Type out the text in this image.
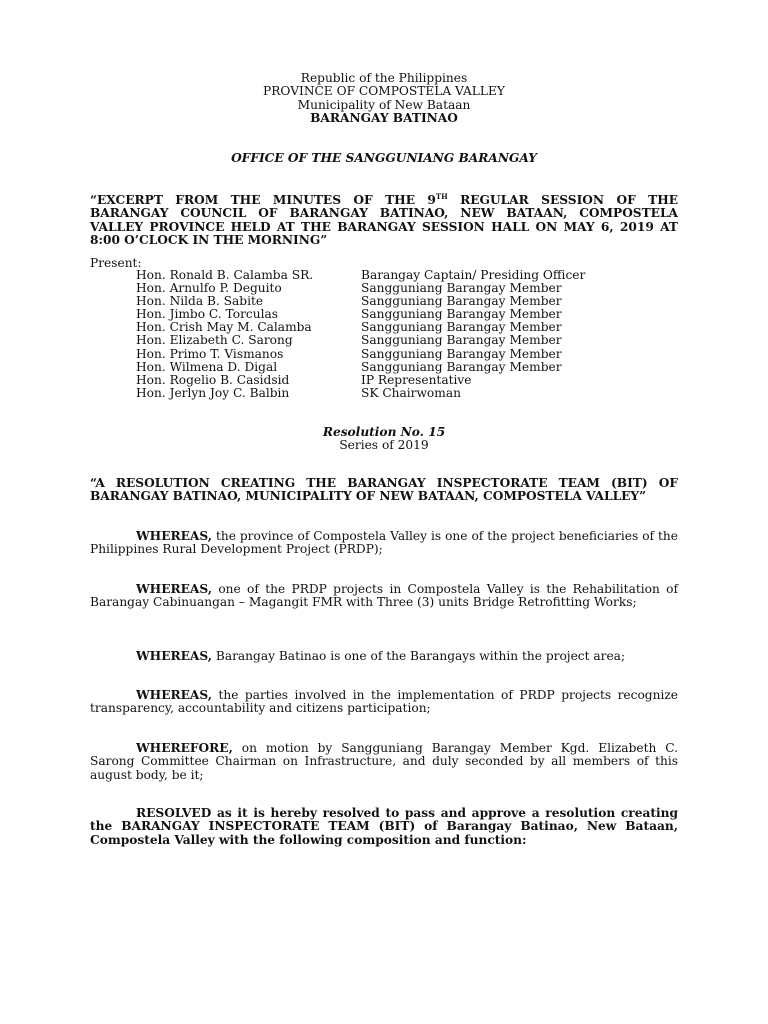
Republic of the Philippines
PROVINCE OF COMPOSTELA VALLEY
Municipality of New Bataan
BARANGAY BATINAO
OFFICE OF THE SANGGUNIANG BARANGAY
“EXCERPT FROM THE MINUTES OF THE 9TH REGULAR SESSION OF THE BARANGAY COUNCIL OF BARANGAY BATINAO, NEW BATAAN, COMPOSTELA VALLEY PROVINCE HELD AT THE BARANGAY SESSION HALL ON MAY 6, 2019 AT 8:00 O’CLOCK IN THE MORNING”
Present:
Hon. Ronald B. Calamba SR.	Barangay Captain/ Presiding Officer
Hon. Arnulfo P. Deguito	Sangguniang Barangay Member
Hon. Nilda B. Sabite	Sangguniang Barangay Member
Hon. Jimbo C. Torculas	Sangguniang Barangay Member
Hon. Crish May M. Calamba	Sangguniang Barangay Member
Hon. Elizabeth C. Sarong	Sangguniang Barangay Member
Hon. Primo T. Vismanos	Sangguniang Barangay Member
Hon. Wilmena D. Digal	Sangguniang Barangay Member
Hon. Rogelio B. Casidsid	IP Representative
Hon. Jerlyn Joy C. Balbin	SK Chairwoman
Resolution No. 15
Series of 2019
“A RESOLUTION CREATING THE BARANGAY INSPECTORATE TEAM (BIT) OF BARANGAY BATINAO, MUNICIPALITY OF NEW BATAAN, COMPOSTELA VALLEY”
WHEREAS, the province of Compostela Valley is one of the project beneficiaries of the Philippines Rural Development Project (PRDP);
WHEREAS, one of the PRDP projects in Compostela Valley is the Rehabilitation of Barangay Cabinuangan – Magangit FMR with Three (3) units Bridge Retrofitting Works;
WHEREAS, Barangay Batinao is one of the Barangays within the project area;
WHEREAS, the parties involved in the implementation of PRDP projects recognize transparency, accountability and citizens participation;
WHEREFORE, on motion by Sangguniang Barangay Member Kgd. Elizabeth C. Sarong Committee Chairman on Infrastructure, and duly seconded by all members of this august body, be it;
RESOLVED as it is hereby resolved to pass and approve a resolution creating the BARANGAY INSPECTORATE TEAM (BIT) of Barangay Batinao, New Bataan, Compostela Valley with the following composition and function:
